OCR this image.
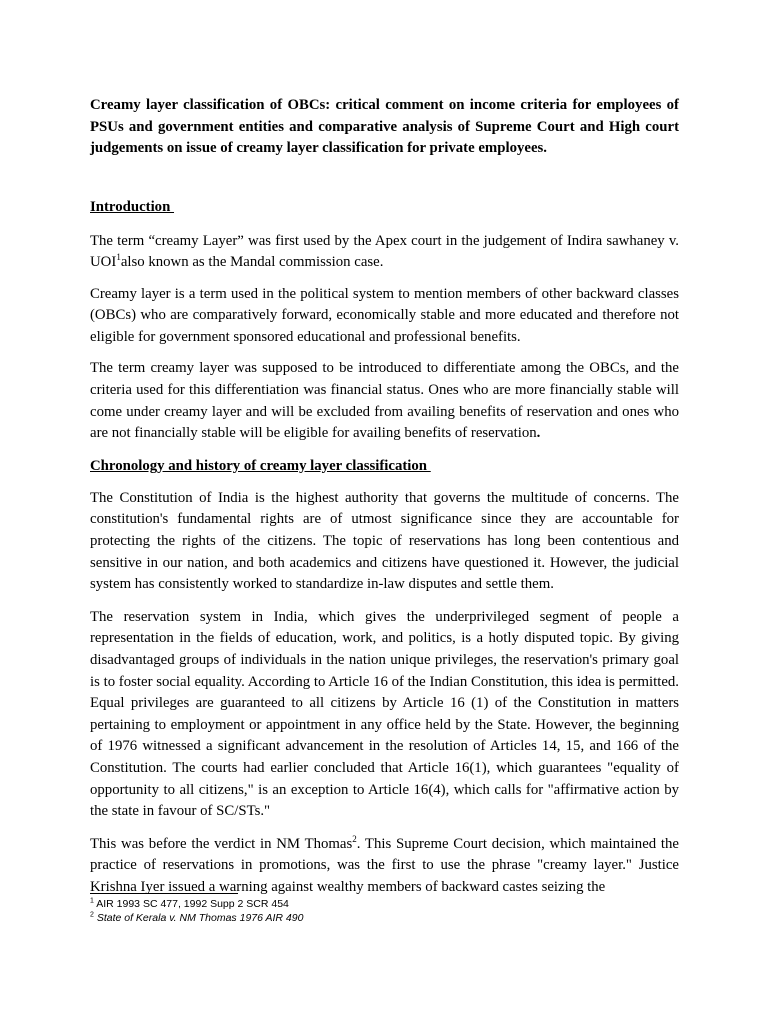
Creamy layer classification of OBCs: critical comment on income criteria for employees of PSUs and government entities and comparative analysis of Supreme Court and High court judgements on issue of creamy layer classification for private employees.

Introduction

The term “creamy Layer” was first used by the Apex court in the judgement of Indira sawhaney v. UOI$^1$also known as the Mandal commission case.

Creamy layer is a term used in the political system to mention members of other backward classes (OBCs) who are comparatively forward, economically stable and more educated and therefore not eligible for government sponsored educational and professional benefits.

The term creamy layer was supposed to be introduced to differentiate among the OBCs, and the criteria used for this differentiation was financial status. Ones who are more financially stable will come under creamy layer and will be excluded from availing benefits of reservation and ones who are not financially stable will be eligible for availing benefits of reservation.

Chronology and history of creamy layer classification

The Constitution of India is the highest authority that governs the multitude of concerns. The constitution's fundamental rights are of utmost significance since they are accountable for protecting the rights of the citizens. The topic of reservations has long been contentious and sensitive in our nation, and both academics and citizens have questioned it. However, the judicial system has consistently worked to standardize in-law disputes and settle them.

The reservation system in India, which gives the underprivileged segment of people a representation in the fields of education, work, and politics, is a hotly disputed topic. By giving disadvantaged groups of individuals in the nation unique privileges, the reservation's primary goal is to foster social equality. According to Article 16 of the Indian Constitution, this idea is permitted. Equal privileges are guaranteed to all citizens by Article 16 (1) of the Constitution in matters pertaining to employment or appointment in any office held by the State. However, the beginning of 1976 witnessed a significant advancement in the resolution of Articles 14, 15, and 166 of the Constitution. The courts had earlier concluded that Article 16(1), which guarantees "equality of opportunity to all citizens," is an exception to Article 16(4), which calls for "affirmative action by the state in favour of SC/STs."

This was before the verdict in NM Thomas$^2$. This Supreme Court decision, which maintained the practice of reservations in promotions, was the first to use the phrase "creamy layer." Justice Krishna Iyer issued a warning against wealthy members of backward castes seizing the

$^1$ AIR 1993 SC 477, 1992 Supp 2 SCR 454

$^2$ State of Kerala v. NM Thomas 1976 AIR 490
